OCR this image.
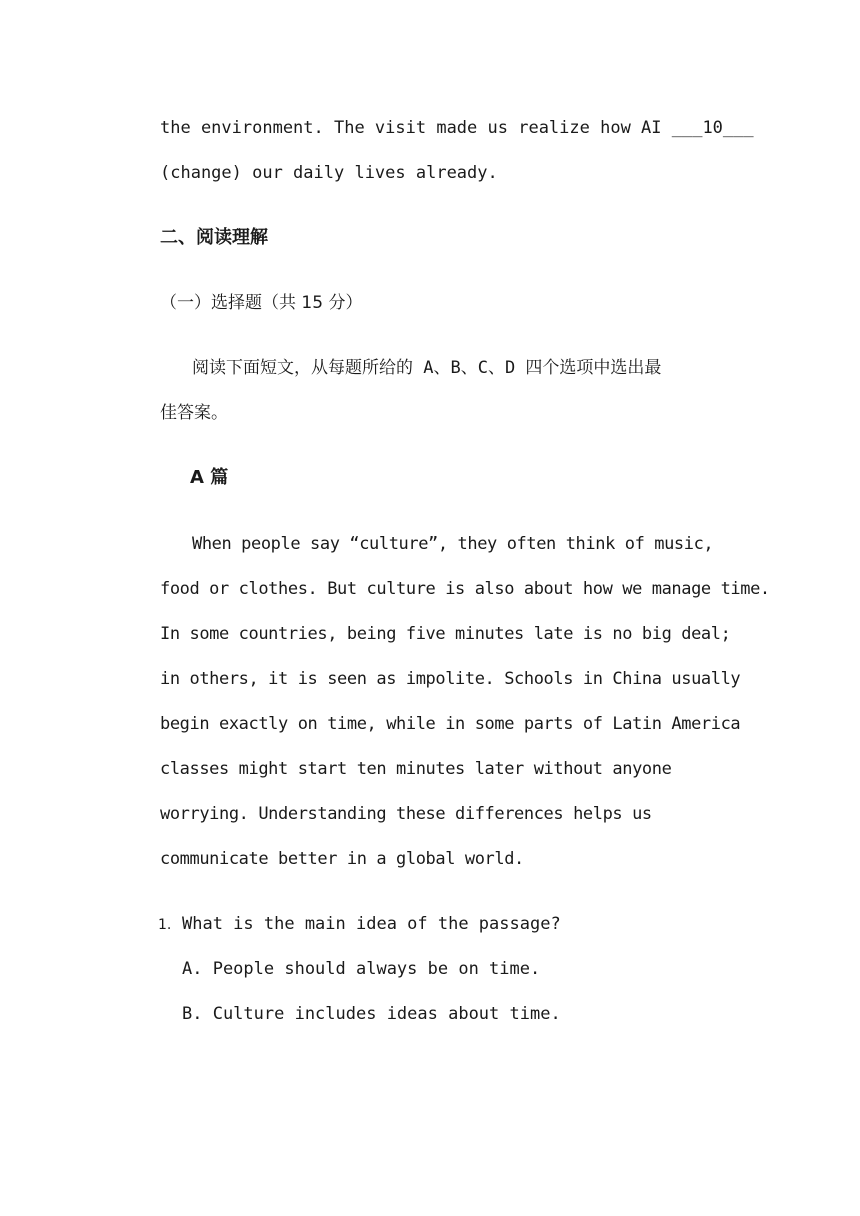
the environment. The visit made us realize how AI ___10___
(change) our daily lives already.
二、阅读理解
（一）选择题（共 15 分）
阅读下面短文，从每题所给的 A、B、C、D 四个选项中选出最
佳答案。
A 篇
When people say “culture”, they often think of music,
food or clothes. But culture is also about how we manage time.
In some countries, being five minutes late is no big deal;
in others, it is seen as impolite. Schools in China usually
begin exactly on time, while in some parts of Latin America
classes might start ten minutes later without anyone
worrying. Understanding these differences helps us
communicate better in a global world.
1. What is the main idea of the passage?
A. People should always be on time.
B. Culture includes ideas about time.
